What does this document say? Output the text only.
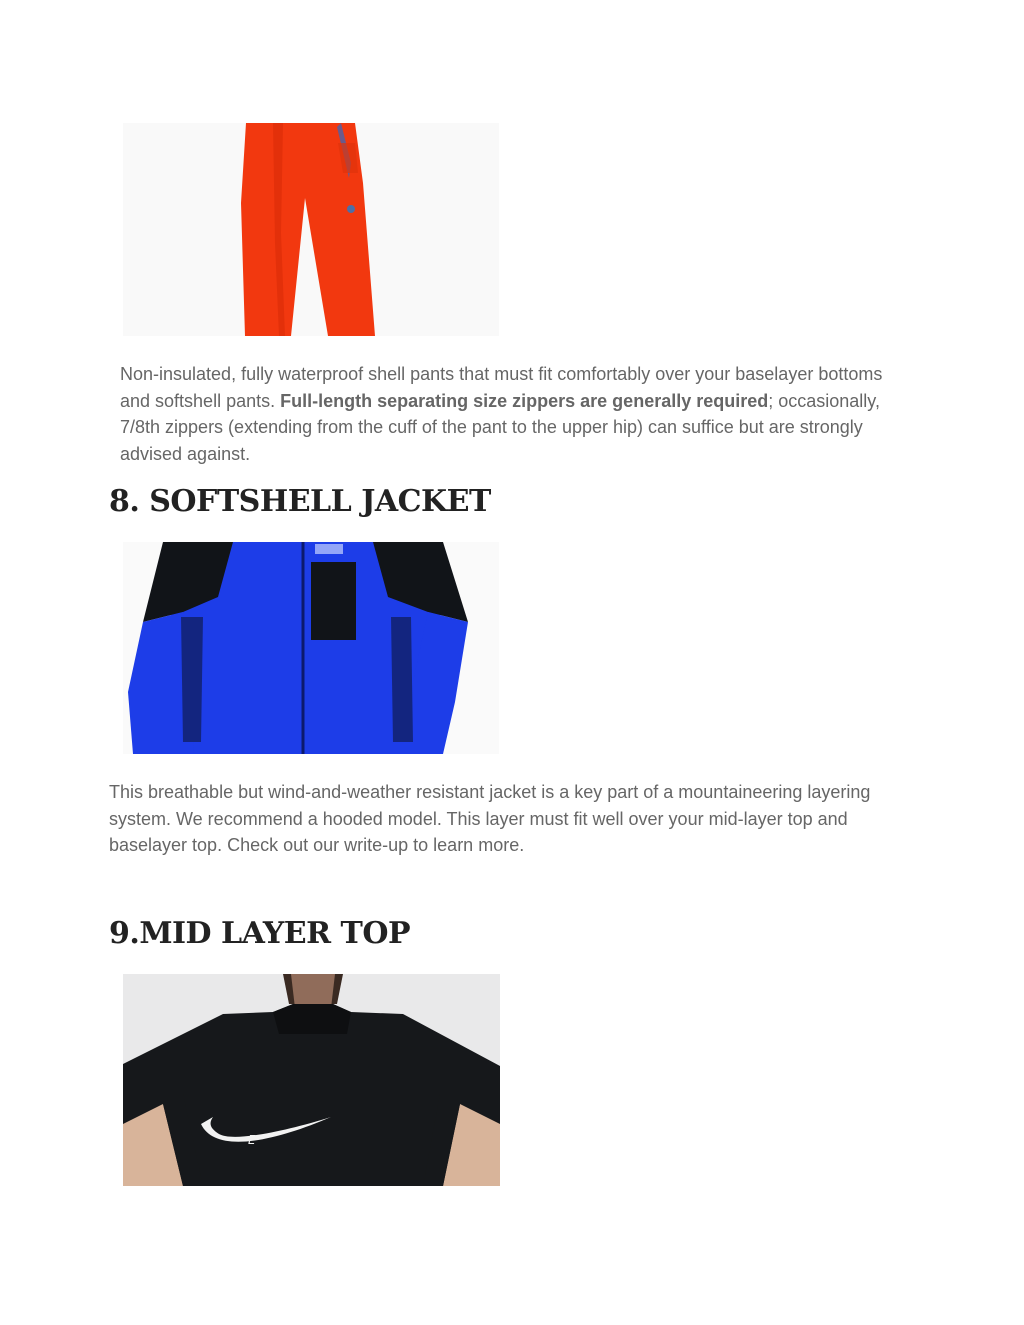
Non-insulated, fully waterproof shell pants that must fit comfortably over your baselayer bottoms and softshell pants. Full-length separating size zippers are generally required; occasionally, 7/8th zippers (extending from the cuff of the pant to the upper hip) can suffice but are strongly advised against.

8. SOFTSHELL JACKET

This breathable but wind-and-weather resistant jacket is a key part of a mountaineering layering system. We recommend a hooded model. This layer must fit well over your mid-layer top and baselayer top. Check out our write-up to learn more.

9.MID LAYER TOP
E
